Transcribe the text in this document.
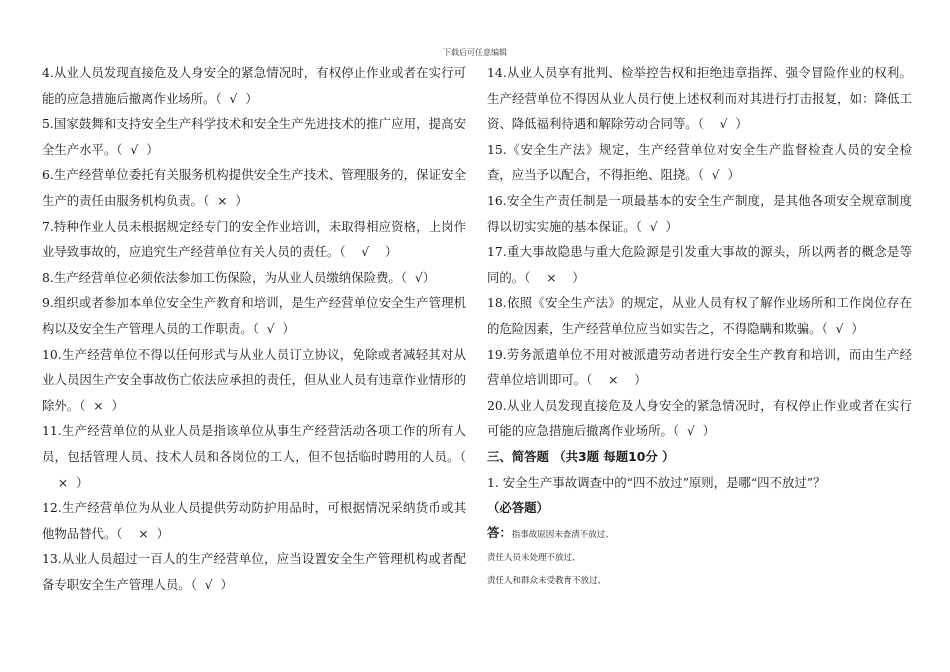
下载后可任意编辑

4.从业人员发现直接危及人身安全的紧急情况时，有权停止作业或者在实行可能的应急措施后撤离作业场所。（  √  ）

5.国家鼓舞和支持安全生产科学技术和安全生产先进技术的推广应用，提高安全生产水平。（  √  ）

6.生产经营单位委托有关服务机构提供安全生产技术、管理服务的，保证安全生产的责任由服务机构负责。（  ×  ）

7.特种作业人员未根据规定经专门的安全作业培训，未取得相应资格，上岗作业导致事故的，应追究生产经营单位有关人员的责任。（    √    ）

8.生产经营单位必须依法参加工伤保险，为从业人员缴纳保险费。（  √）

9.组织或者参加本单位安全生产教育和培训，是生产经营单位安全生产管理机构以及安全生产管理人员的工作职责。（  √  ）

10.生产经营单位不得以任何形式与从业人员订立协议，免除或者减轻其对从业人员因生产安全事故伤亡依法应承担的责任，但从业人员有违章作业情形的除外。（  ×  ）

11.生产经营单位的从业人员是指该单位从事生产经营活动各项工作的所有人员，包括管理人员、技术人员和各岗位的工人，但不包括临时聘用的人员。（    ×  ）

12.生产经营单位为从业人员提供劳动防护用品时，可根据情况采纳货币或其他物品替代。（    ×  ）

13.从业人员超过一百人的生产经营单位，应当设置安全生产管理机构或者配备专职安全生产管理人员。（  √  ）

14.从业人员享有批判、检举控告权和拒绝违章指挥、强令冒险作业的权利。生产经营单位不得因从业人员行使上述权利而对其进行打击报复，如：降低工资、降低福利待遇和解除劳动合同等。（    √  ）

15.《安全生产法》规定，生产经营单位对安全生产监督检查人员的安全检查，应当予以配合，不得拒绝、阻挠。（  √  ）

16.安全生产责任制是一项最基本的安全生产制度，是其他各项安全规章制度得以切实实施的基本保证。（  √  ）

17.重大事故隐患与重大危险源是引发重大事故的源头，所以两者的概念是等同的。（    ×    ）

18.依照《安全生产法》的规定，从业人员有权了解作业场所和工作岗位存在的危险因素，生产经营单位应当如实告之，不得隐瞒和欺骗。（  √  ）

19.劳务派遣单位不用对被派遣劳动者进行安全生产教育和培训，而由生产经营单位培训即可。（    ×    ）

20.从业人员发现直接危及人身安全的紧急情况时，有权停止作业或者在实行可能的应急措施后撤离作业场所。（  √  ）

三、简答题 （共3题 每题10分 ）

1. 安全生产事故调查中的“四不放过”原则，是哪“四不放过”？

（必答题）

答：指事故原因未查清不放过、

责任人员未处理不放过、

责任人和群众未受教育不放过、
